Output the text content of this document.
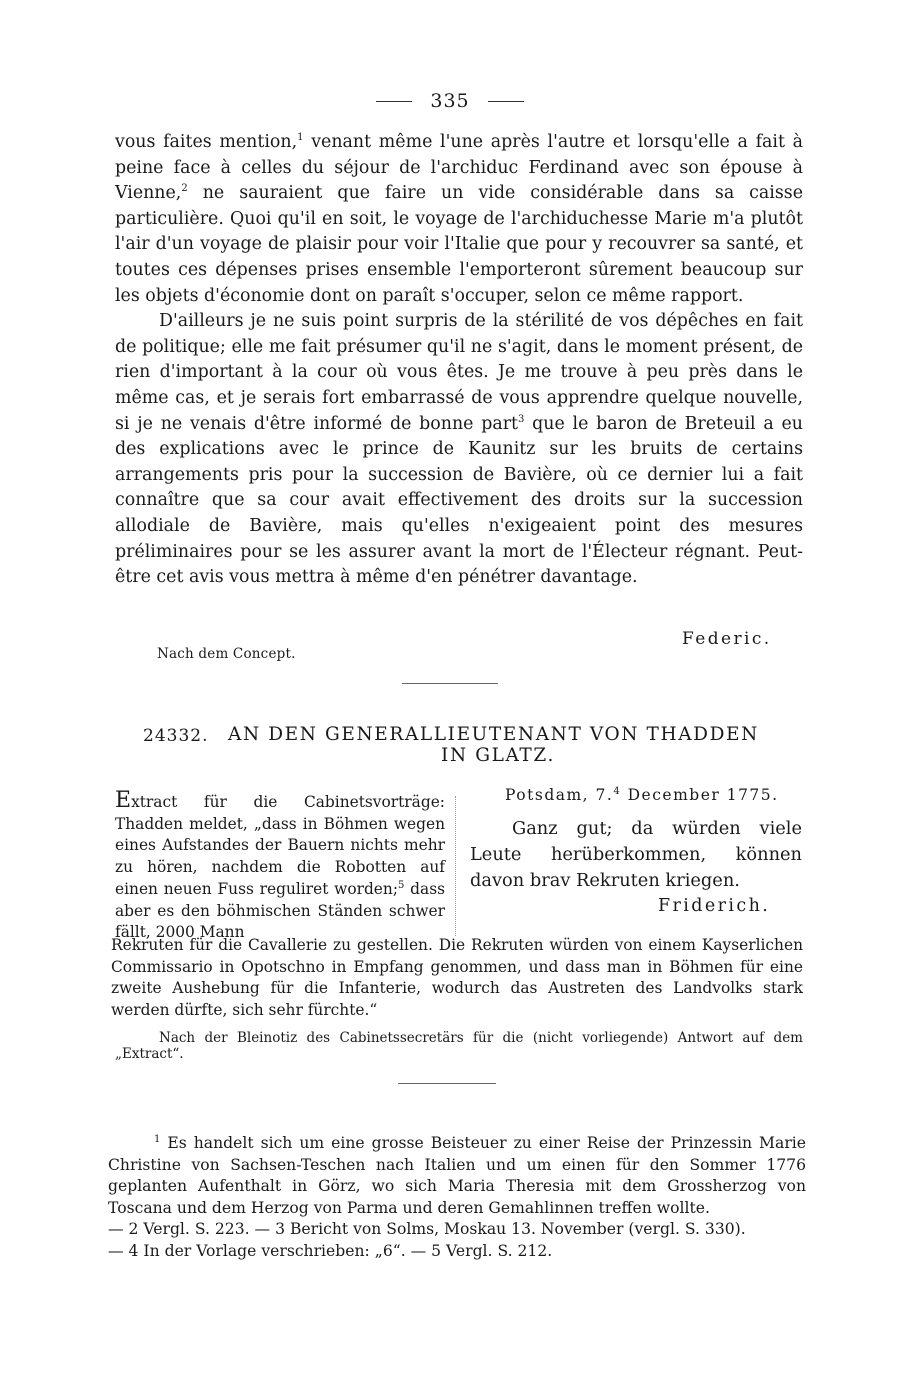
335

vous faites mention,$^1$ venant même l'une après l'autre et lorsqu'elle a fait à peine face à celles du séjour de l'archiduc Ferdinand avec son épouse à Vienne,$^2$ ne sauraient que faire un vide considérable dans sa caisse particulière. Quoi qu'il en soit, le voyage de l'archiduchesse Marie m'a plutôt l'air d'un voyage de plaisir pour voir l'Italie que pour y recouvrer sa santé, et toutes ces dépenses prises ensemble l'emporteront sûrement beaucoup sur les objets d'économie dont on paraît s'occuper, selon ce même rapport.

D'ailleurs je ne suis point surpris de la stérilité de vos dépêches en fait de politique; elle me fait présumer qu'il ne s'agit, dans le moment présent, de rien d'important à la cour où vous êtes. Je me trouve à peu près dans le même cas, et je serais fort embarrassé de vous apprendre quelque nouvelle, si je ne venais d'être informé de bonne part$^3$ que le baron de Breteuil a eu des explications avec le prince de Kaunitz sur les bruits de certains arrangements pris pour la succession de Bavière, où ce dernier lui a fait connaître que sa cour avait effectivement des droits sur la succession allodiale de Bavière, mais qu'elles n'exigeaient point des mesures préliminaires pour se les assurer avant la mort de l'Électeur régnant. Peut-être cet avis vous mettra à même d'en pénétrer davantage.

Federic.
Nach dem Concept.
24332. AN DEN GENERALLIEUTENANT VON THADDEN
IN GLATZ.
Extract für die Cabinetsvorträge: Thadden meldet, „dass in Böhmen wegen eines Aufstandes der Bauern nichts mehr zu hören, nachdem die Robotten auf einen neuen Fuss reguliret worden;$^5$ dass aber es den böhmischen Ständen schwer fällt, 2000 Mann
Potsdam, 7.$^4$ December 1775.

Ganz gut; da würden viele Leute herüberkommen, können davon brav Rekruten kriegen.

Friderich.
Rekruten für die Cavallerie zu gestellen. Die Rekruten würden von einem Kayserlichen Commissario in Opotschno in Empfang genommen, und dass man in Böhmen für eine zweite Aushebung für die Infanterie, wodurch das Austreten des Landvolks stark werden dürfte, sich sehr fürchte.“

Nach der Bleinotiz des Cabinetssecretärs für die (nicht vorliegende) Antwort auf dem „Extract“.

$^1$ Es handelt sich um eine grosse Beisteuer zu einer Reise der Prinzessin Marie Christine von Sachsen-Teschen nach Italien und um einen für den Sommer 1776 geplanten Aufenthalt in Görz, wo sich Maria Theresia mit dem Grossherzog von Toscana und dem Herzog von Parma und deren Gemahlinnen treffen wollte.

— 2 Vergl. S. 223. — 3 Bericht von Solms, Moskau 13. November (vergl. S. 330).

— 4 In der Vorlage verschrieben: „6“. — 5 Vergl. S. 212.
